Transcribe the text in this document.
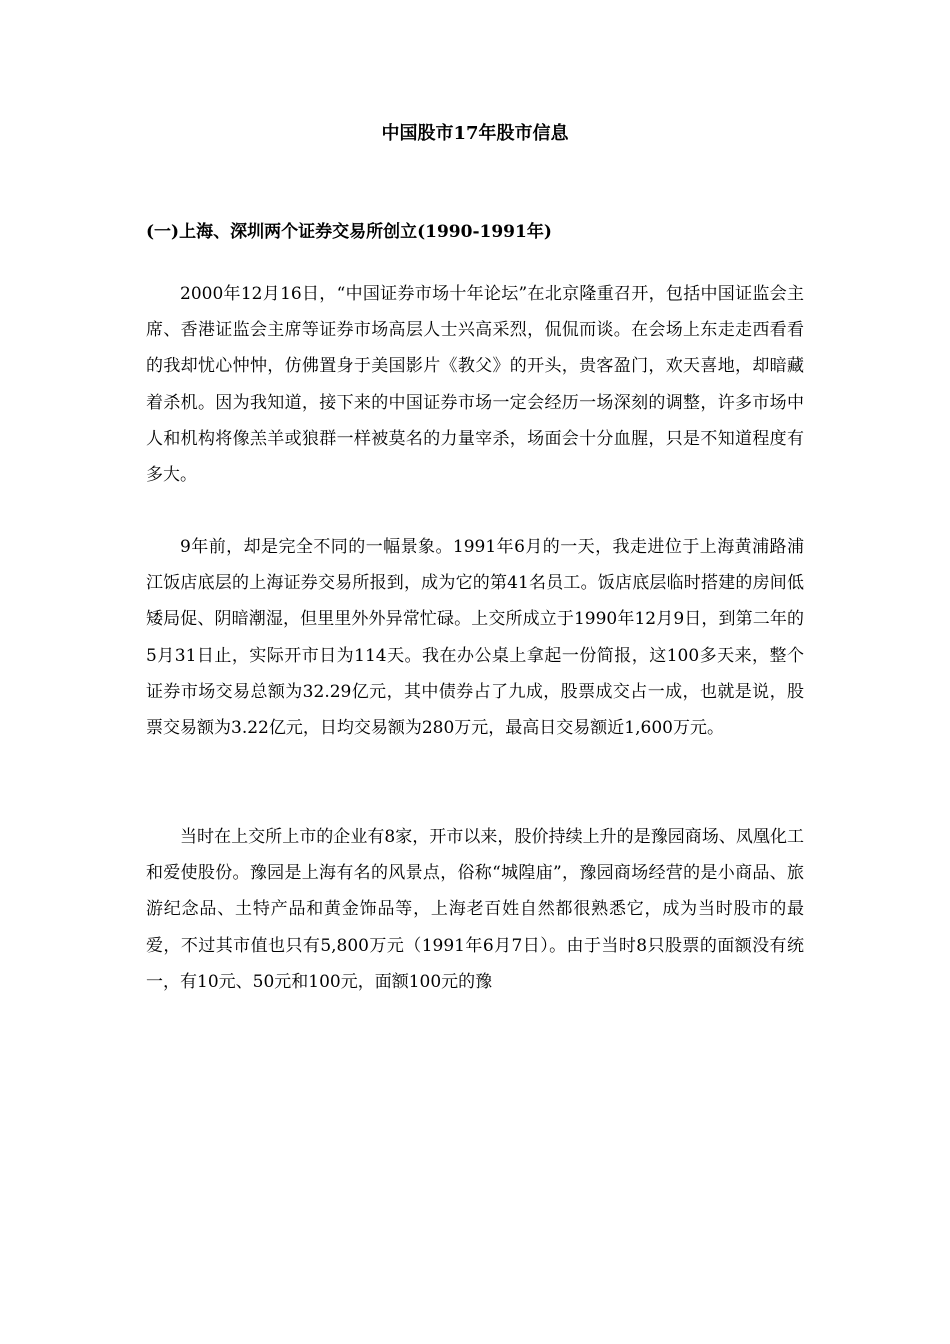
中国股市17年股市信息
(一)上海、深圳两个证券交易所创立(1990-1991年)

2000年12月16日，“中国证券市场十年论坛”在北京隆重召开，包括中国证监会主席、香港证监会主席等证券市场高层人士兴高采烈，侃侃而谈。在会场上东走走西看看的我却忧心忡忡，仿佛置身于美国影片《教父》的开头，贵客盈门，欢天喜地，却暗藏着杀机。因为我知道，接下来的中国证券市场一定会经历一场深刻的调整，许多市场中人和机构将像羔羊或狼群一样被莫名的力量宰杀，场面会十分血腥，只是不知道程度有多大。

9年前，却是完全不同的一幅景象。1991年6月的一天，我走进位于上海黄浦路浦江饭店底层的上海证券交易所报到，成为它的第41名员工。饭店底层临时搭建的房间低矮局促、阴暗潮湿，但里里外外异常忙碌。上交所成立于1990年12月9日，到第二年的5月31日止，实际开市日为114天。我在办公桌上拿起一份简报，这100多天来，整个证券市场交易总额为32.29亿元，其中债券占了九成，股票成交占一成，也就是说，股票交易额为3.22亿元，日均交易额为280万元，最高日交易额近1,600万元。

当时在上交所上市的企业有8家，开市以来，股价持续上升的是豫园商场、凤凰化工和爱使股份。豫园是上海有名的风景点，俗称“城隍庙”，豫园商场经营的是小商品、旅游纪念品、土特产品和黄金饰品等，上海老百姓自然都很熟悉它，成为当时股市的最爱，不过其市值也只有5,800万元（1991年6月7日）。由于当时8只股票的面额没有统一，有10元、50元和100元，面额100元的豫
